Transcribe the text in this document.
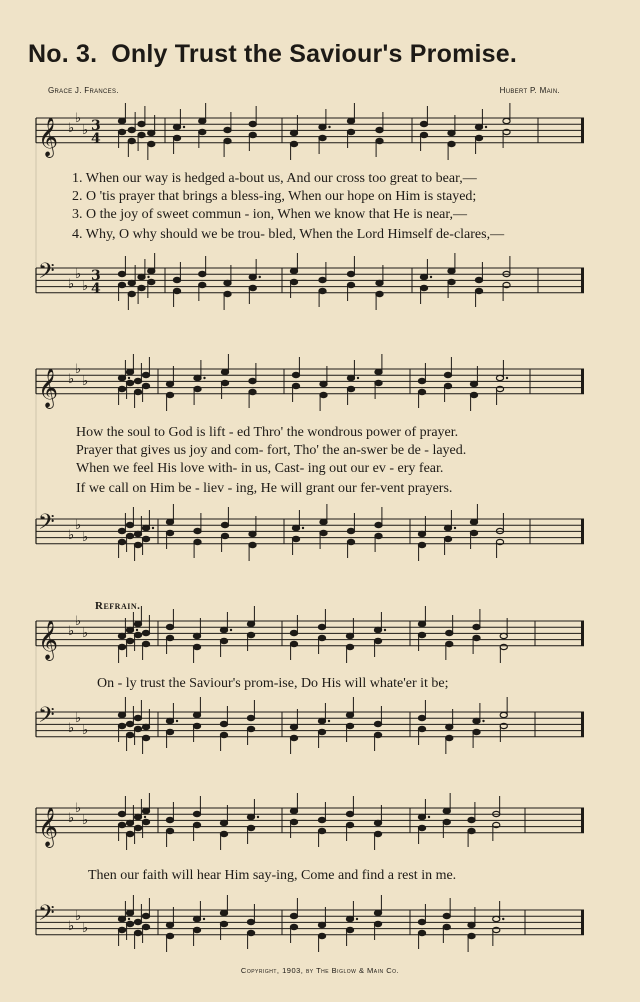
No. 3. Only Trust the Saviour's Promise.
Grace J. Frances.	Hubert P. Main.
𝄞 ♭
♭
♭ 3
4
𝄢 ♭
♭
♭
3
4
𝄞 ♭
♭
♭
𝄢 ♭
♭
♭
𝄞 ♭
♭
♭
𝄢 ♭
♭
♭
𝄞 ♭
♭
♭
𝄢 ♭
♭
♭
1. When our way is hedged a-bout us, And our cross too great to bear,—
2. O 'tis prayer that brings a bless-ing, When our hope on Him is stayed;
3. O the joy of sweet commun - ion, When we know that He is near,—
4. Why, O why should we be trou- bled, When the Lord Himself de-clares,—
How the soul to God is lift - ed Thro' the wondrous power of prayer.
Prayer that gives us joy and com- fort, Tho' the an-swer be de - layed.
When we feel His love with- in us, Cast- ing out our ev - ery fear.
If we call on Him be - liev - ing, He will grant our fer-vent prayers.
Refrain.
On - ly trust the Saviour's prom-ise, Do His will whate'er it be;
Then our faith will hear Him say-ing, Come and find a rest in me.
Copyright, 1903, by The Biglow & Main Co.
